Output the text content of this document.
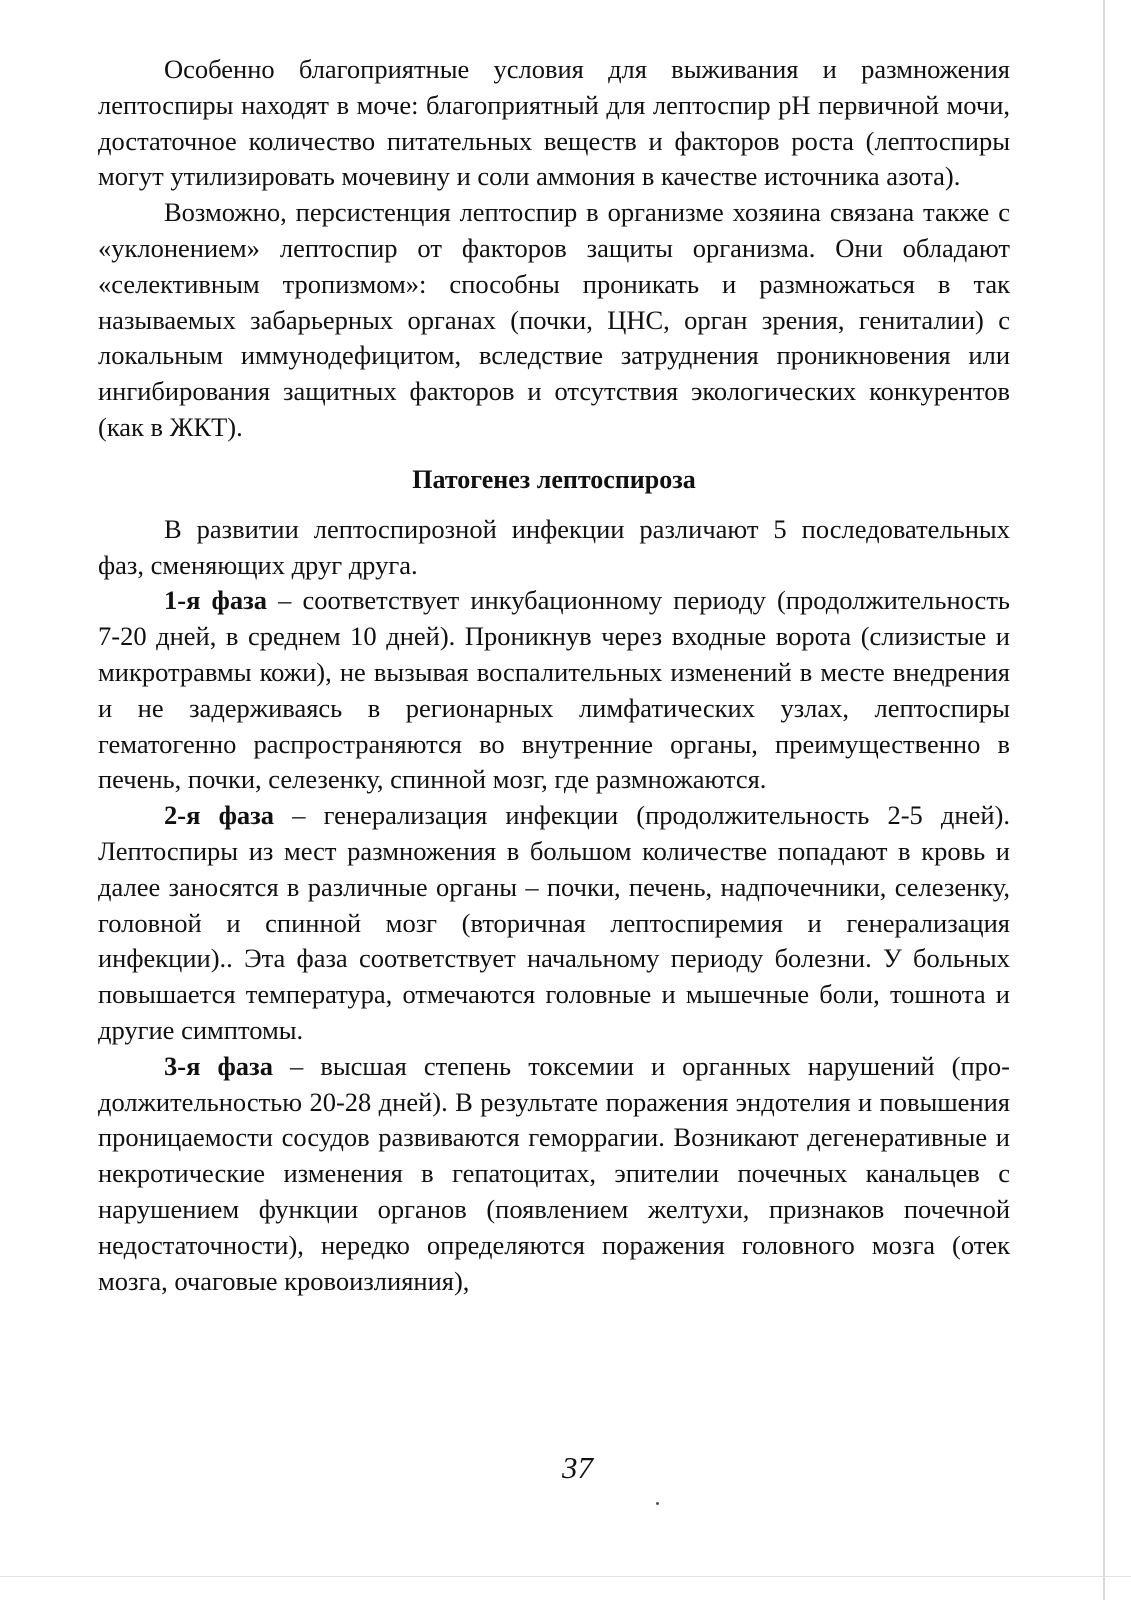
Особенно благоприятные условия для выживания и размножения лептоспиры находят в моче: благоприятный для лептоспир pH первичной мочи, достаточное количество питательных веществ и факторов роста (лептоспиры могут утилизировать мочевину и соли аммония в качестве источника азота).

Возможно, персистенция лептоспир в организме хозяина связана также с «уклонением» лептоспир от факторов защиты организма. Они обладают «селективным тропизмом»: способны проникать и размножаться в так называемых забарьерных органах (почки, ЦНС, орган зрения, гениталии) с локальным иммунодефицитом, вследствие затруднения проникновения или ингибирования защитных факторов и отсутствия экологических конкурентов (как в ЖКТ).

Патогенез лептоспироза

В развитии лептоспирозной инфекции различают 5 последовательных фаз, сменяющих друг друга.

1-я фаза – соответствует инкубационному периоду (продолжительность 7-20 дней, в среднем 10 дней). Проникнув через входные ворота (слизистые и микротравмы кожи), не вызывая воспалительных изменений в месте внедрения и не задерживаясь в регионарных лимфатических узлах, лептоспиры гематогенно распространяются во внутренние органы, преимущественно в печень, почки, селезенку, спинной мозг, где размножаются.

2-я фаза – генерализация инфекции (продолжительность 2-5 дней). Лептоспиры из мест размножения в большом количестве попадают в кровь и далее заносятся в различные органы – почки, печень, надпочечники, селезенку, головной и спинной мозг (вторичная лептоспиремия и генерализация инфекции).. Эта фаза соответствует начальному периоду болезни. У больных повышается температура, отмечаются головные и мышечные боли, тошнота и другие симптомы.

3-я фаза – высшая степень токсемии и органных нарушений (продолжительностью 20-28 дней). В результате поражения эндотелия и повышения проницаемости сосудов развиваются геморрагии. Возникают дегенеративные и некротические изменения в гепатоцитах, эпителии почечных канальцев с нарушением функции органов (появлением желтухи, признаков почечной недостаточности), нередко определяются поражения головного мозга (отек мозга, очаговые кровоизлияния),

37
